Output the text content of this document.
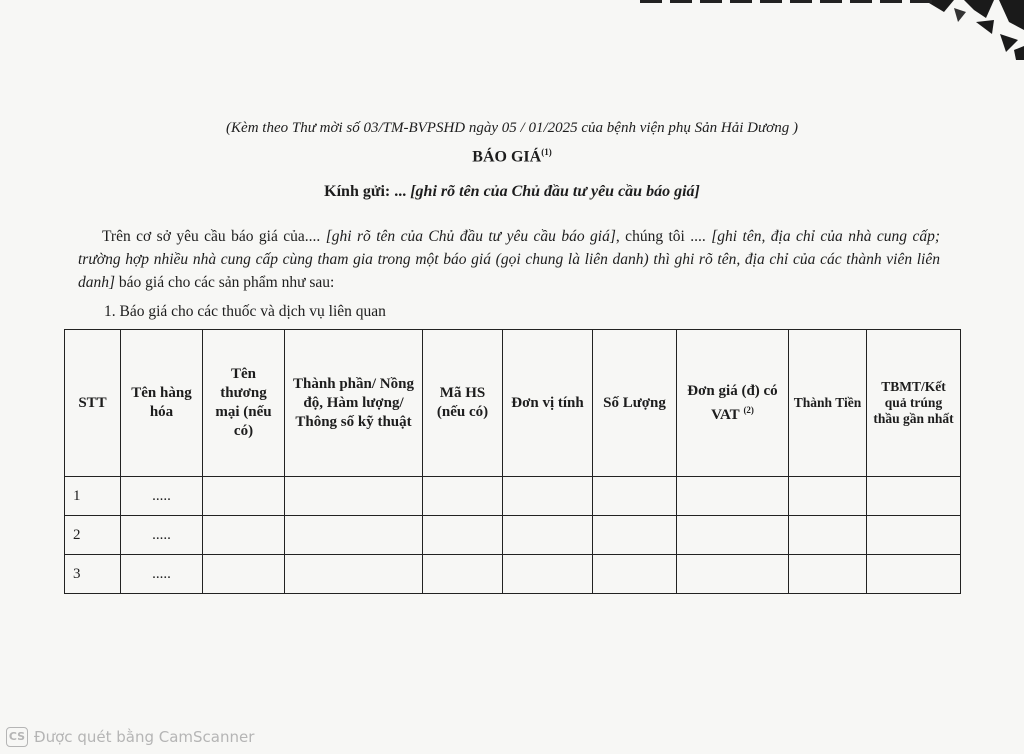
(Kèm theo Thư mời số 03/TM-BVPSHD ngày 05 / 01/2025 của bệnh viện phụ Sản Hải Dương )
BÁO GIÁ$^{(1)}$
Kính gửi: ... [ghi rõ tên của Chủ đầu tư yêu cầu báo giá]
Trên cơ sở yêu cầu báo giá của.... [ghi rõ tên của Chủ đầu tư yêu cầu báo giá], chúng tôi .... [ghi tên, địa chỉ của nhà cung cấp; trường hợp nhiều nhà cung cấp cùng tham gia trong một báo giá (gọi chung là liên danh) thì ghi rõ tên, địa chỉ của các thành viên liên danh] báo giá cho các sản phẩm như sau:
1. Báo giá cho các thuốc và dịch vụ liên quan
STT	Tên hàng hóa	Tên thương mại (nếu có)	Thành phần/ Nồng độ, Hàm lượng/ Thông số kỹ thuật	Mã HS (nếu có)	Đơn vị tính	Số Lượng	Đơn giá (đ) có VAT $^{(2)}$	Thành Tiền	TBMT/Kết quả trúng thầu gần nhất
1	.....								
2	.....								
3	.....								
CS Được quét bằng CamScanner
